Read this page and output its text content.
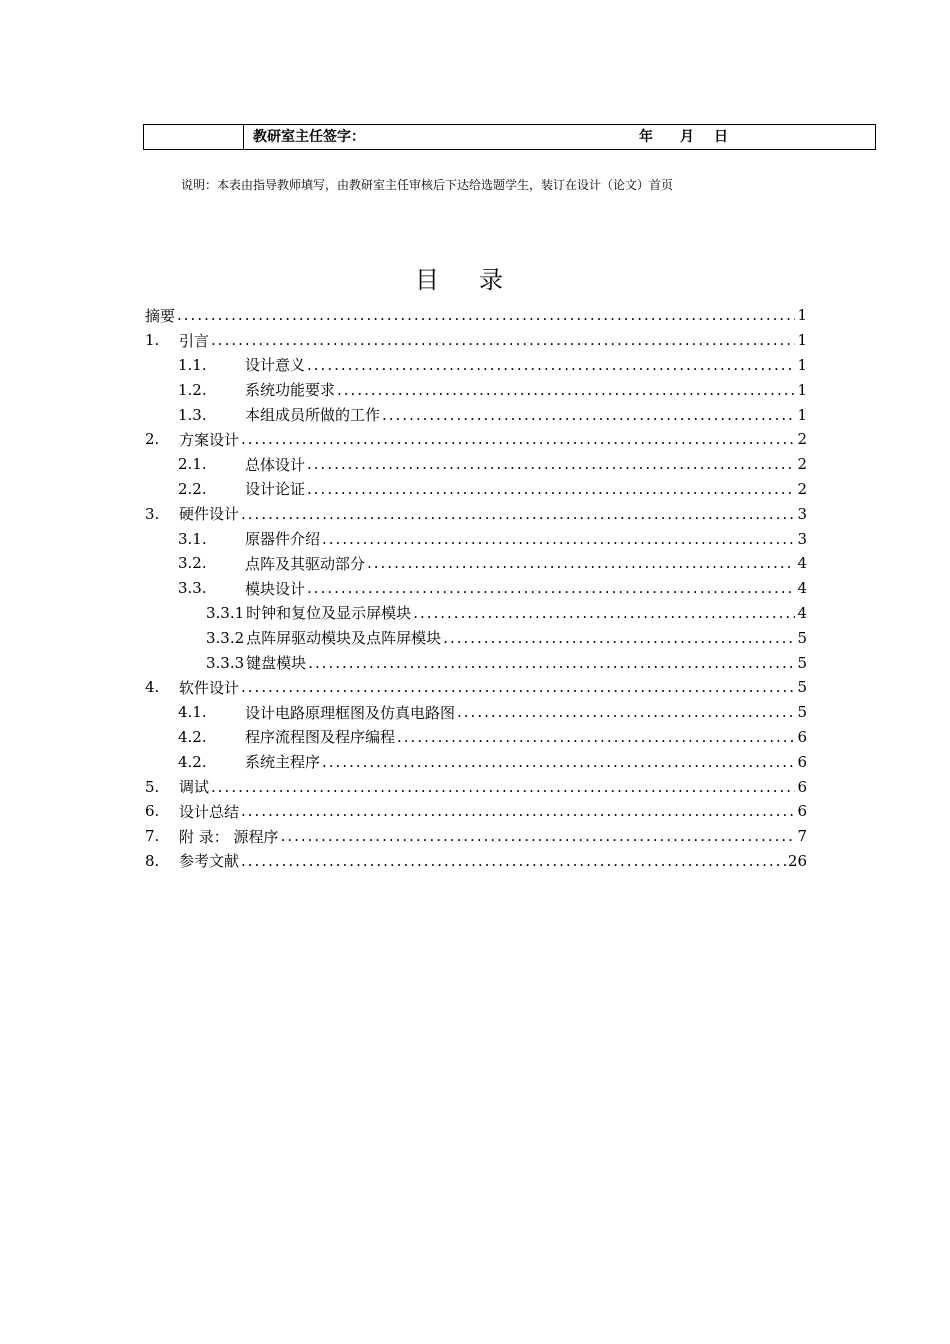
教研室主任签字：	年 月 日
说明：本表由指导教师填写，由教研室主任审核后下达给选题学生，装订在设计（论文）首页
目录
摘要 .....	1
1.	引言 .....	1
1.1.	设计意义 .....	1
1.2.	系统功能要求 .....	1
1.3.	本组成员所做的工作 .....	1
2.	方案设计 .....	2
2.1.	总体设计 .....	2
2.2.	设计论证 .....	2
3.	硬件设计 .....	3
3.1.	原器件介绍 .....	3
3.2.	点阵及其驱动部分 .....	4
3.3.	模块设计 .....	4
3.3.1 时钟和复位及显示屏模块 .....	4
3.3.2 点阵屏驱动模块及点阵屏模块 .....	5
3.3.3 键盘模块 .....	5
4.	软件设计 .....	5
4.1.	设计电路原理框图及仿真电路图 .....	5
4.2.	程序流程图及程序编程 .....	6
4.2.	系统主程序 .....	6
5.	调试 .....	6
6.	设计总结 .....	6
7.	附 录： 源程序 .....	7
8.	参考文献 .....	26
